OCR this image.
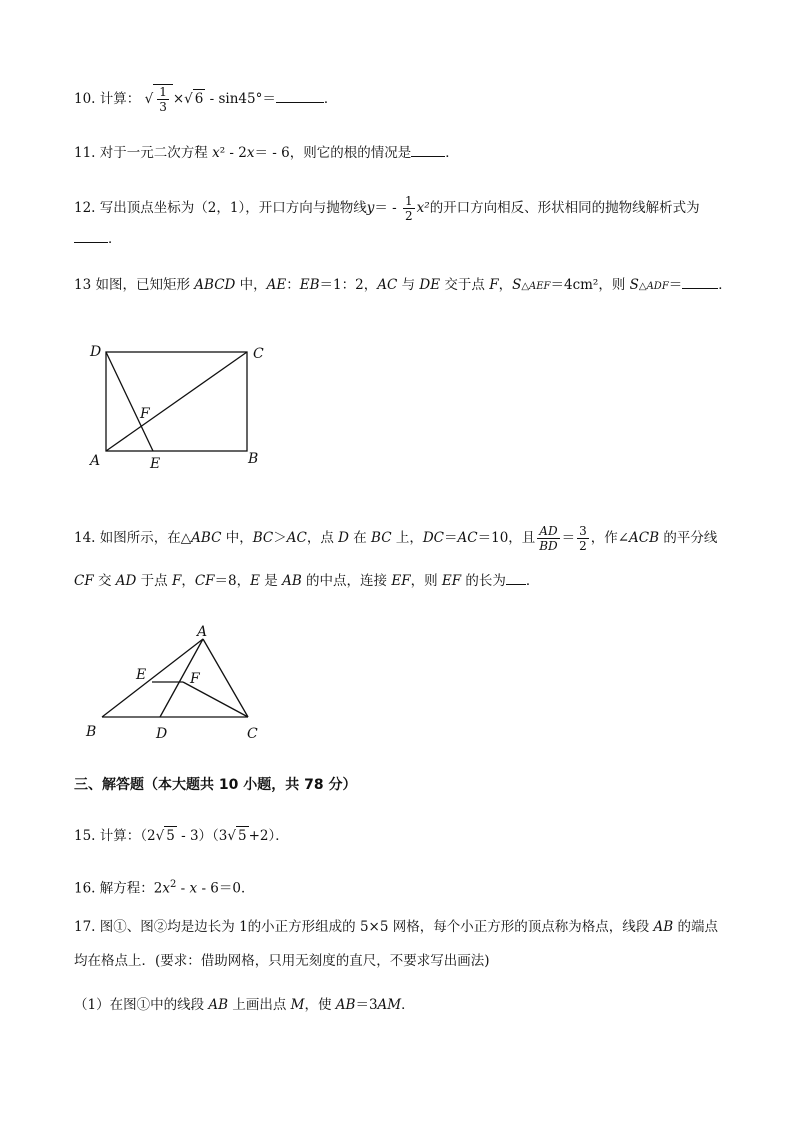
10. 计算： √ $\frac{1}{3}$ ×√ 6 - sin45°＝	．
11. 对于一元二次方程 x² - 2x＝ - 6，则它的根的情况是	．
12. 写出顶点坐标为（2，1），开口方向与抛物线$y= - \frac{1}{2} x^2$的开口方向相反、形状相同的抛物线解析式为
．
13 如图，已知矩形 ABCD 中，AE：EB＝1：2，AC 与 DE 交于点 F，S△AEF＝4cm²，则 S△ADF＝	．
D	C
A	B
E
F
14. 如图所示，在△ABC 中，BC＞AC，点 D 在 BC 上，DC＝AC＝10，且 $\frac{AD}{BD} = \frac{3}{2}$ ，作∠ACB 的平分线
CF 交 AD 于点 F，CF＝8，E 是 AB 的中点，连接 EF，则 EF 的长为 ．
A
E	F
B	D	C
三、解答题（本大题共 10 小题，共 78 分）
15. 计算：（2√ 5 - 3）（3√ 5 +2）．
16. 解方程：$2x^2 - x - 6=0$．
17. 图①、图②均是边长为 1的小正方形组成的 5×5 网格，每个小正方形的顶点称为格点，线段 AB 的端点
均在格点上．(要求：借助网格，只用无刻度的直尺，不要求写出画法)
（1）在图①中的线段 AB 上画出点 M，使 AB＝3AM．
